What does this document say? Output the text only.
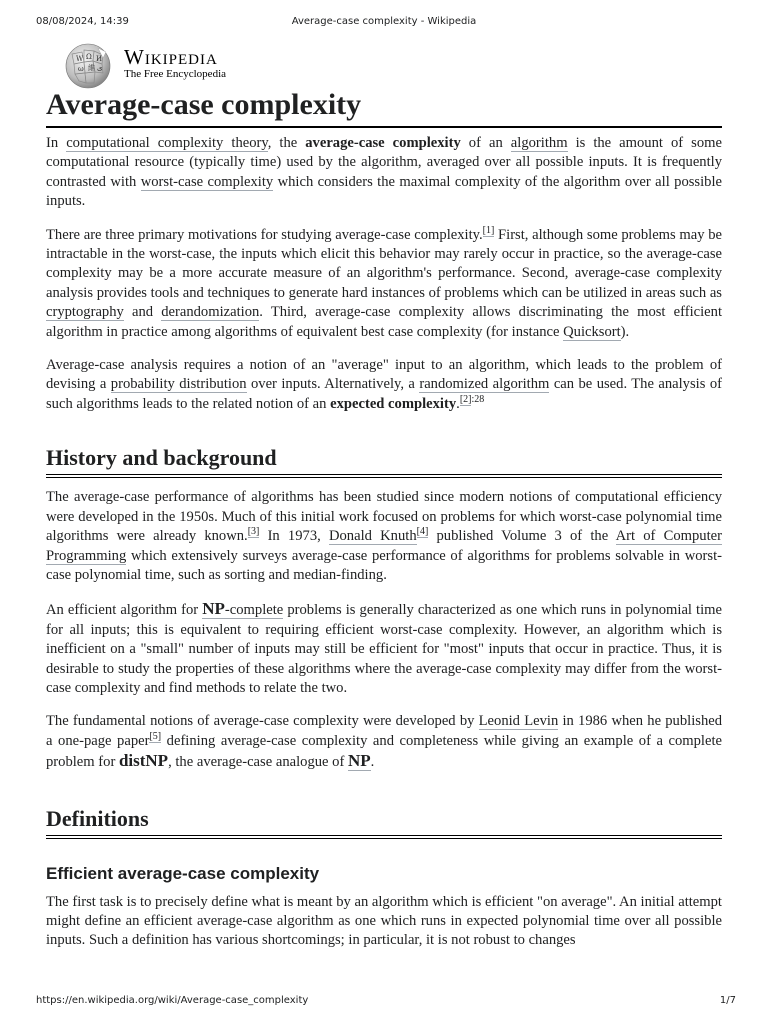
08/08/2024, 14:39	Average-case complexity - Wikipedia
W Ω И
ω 維 ی Wikipedia
The Free Encyclopedia
Average-case complexity

In computational complexity theory, the average-case complexity of an algorithm is the amount of some computational resource (typically time) used by the algorithm, averaged over all possible inputs. It is frequently contrasted with worst-case complexity which considers the maximal complexity of the algorithm over all possible inputs.

There are three primary motivations for studying average-case complexity.[1] First, although some problems may be intractable in the worst-case, the inputs which elicit this behavior may rarely occur in practice, so the average-case complexity may be a more accurate measure of an algorithm's performance. Second, average-case complexity analysis provides tools and techniques to generate hard instances of problems which can be utilized in areas such as cryptography and derandomization. Third, average-case complexity allows discriminating the most efficient algorithm in practice among algorithms of equivalent best case complexity (for instance Quicksort).

Average-case analysis requires a notion of an "average" input to an algorithm, which leads to the problem of devising a probability distribution over inputs. Alternatively, a randomized algorithm can be used. The analysis of such algorithms leads to the related notion of an expected complexity.$^{[2]:28}$

History and background

The average-case performance of algorithms has been studied since modern notions of computational efficiency were developed in the 1950s. Much of this initial work focused on problems for which worst-case polynomial time algorithms were already known.[3] In 1973, Donald Knuth[4] published Volume 3 of the Art of Computer Programming which extensively surveys average-case performance of algorithms for problems solvable in worst-case polynomial time, such as sorting and median-finding.

An efficient algorithm for NP-complete problems is generally characterized as one which runs in polynomial time for all inputs; this is equivalent to requiring efficient worst-case complexity. However, an algorithm which is inefficient on a "small" number of inputs may still be efficient for "most" inputs that occur in practice. Thus, it is desirable to study the properties of these algorithms where the average-case complexity may differ from the worst-case complexity and find methods to relate the two.

The fundamental notions of average-case complexity were developed by Leonid Levin in 1986 when he published a one-page paper[5] defining average-case complexity and completeness while giving an example of a complete problem for distNP, the average-case analogue of NP.

Definitions
Efficient average-case complexity

The first task is to precisely define what is meant by an algorithm which is efficient "on average". An initial attempt might define an efficient average-case algorithm as one which runs in expected polynomial time over all possible inputs. Such a definition has various shortcomings; in particular, it is not robust to changes

https://en.wikipedia.org/wiki/Average-case_complexity	1/7
